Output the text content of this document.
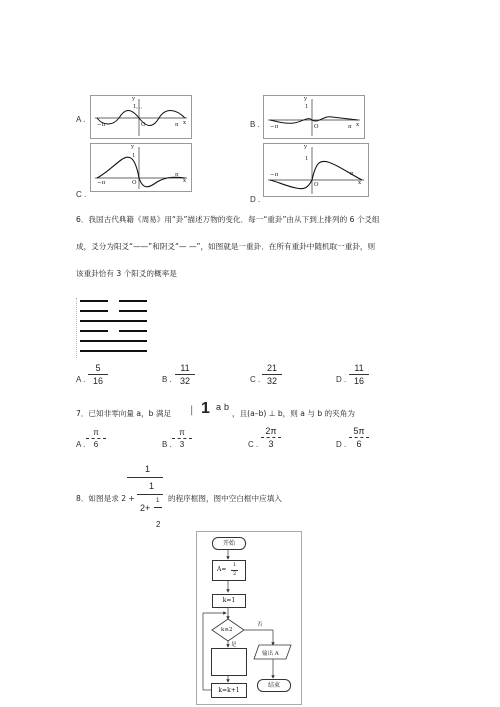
A .
y
1
−π	O	π x	B .
y
1
−π	O	π x
y
1
−π	O
π
x
C .
y
1
−π
O
π
x
D .
6．我国古代典籍《周易》用“卦”描述万物的变化．每一“重卦”由从下到上排列的 6 个爻组
成，爻分为阳爻“——”和阴爻“— —”，如图就是一重卦．在所有重卦中随机取一重卦，则
该重卦恰有 3 个阳爻的概率是
A .
5
16	B .
11
32	C .
21
32	D .
11
16
7．已知非零向量 a，b 满足 | 1 a b
，且(a–b) ⊥ b，则 a 与 b 的夹角为
A .
π
6	B .
π
3	C .
2π
3	D .
5π
6
1
1
8．如图是求 2 +	的程序框图，图中空白框中应填入
2+
1
2
开始
A=
1
2
k=1
k≤2
否
是
输出 A
k=k+1
结束
